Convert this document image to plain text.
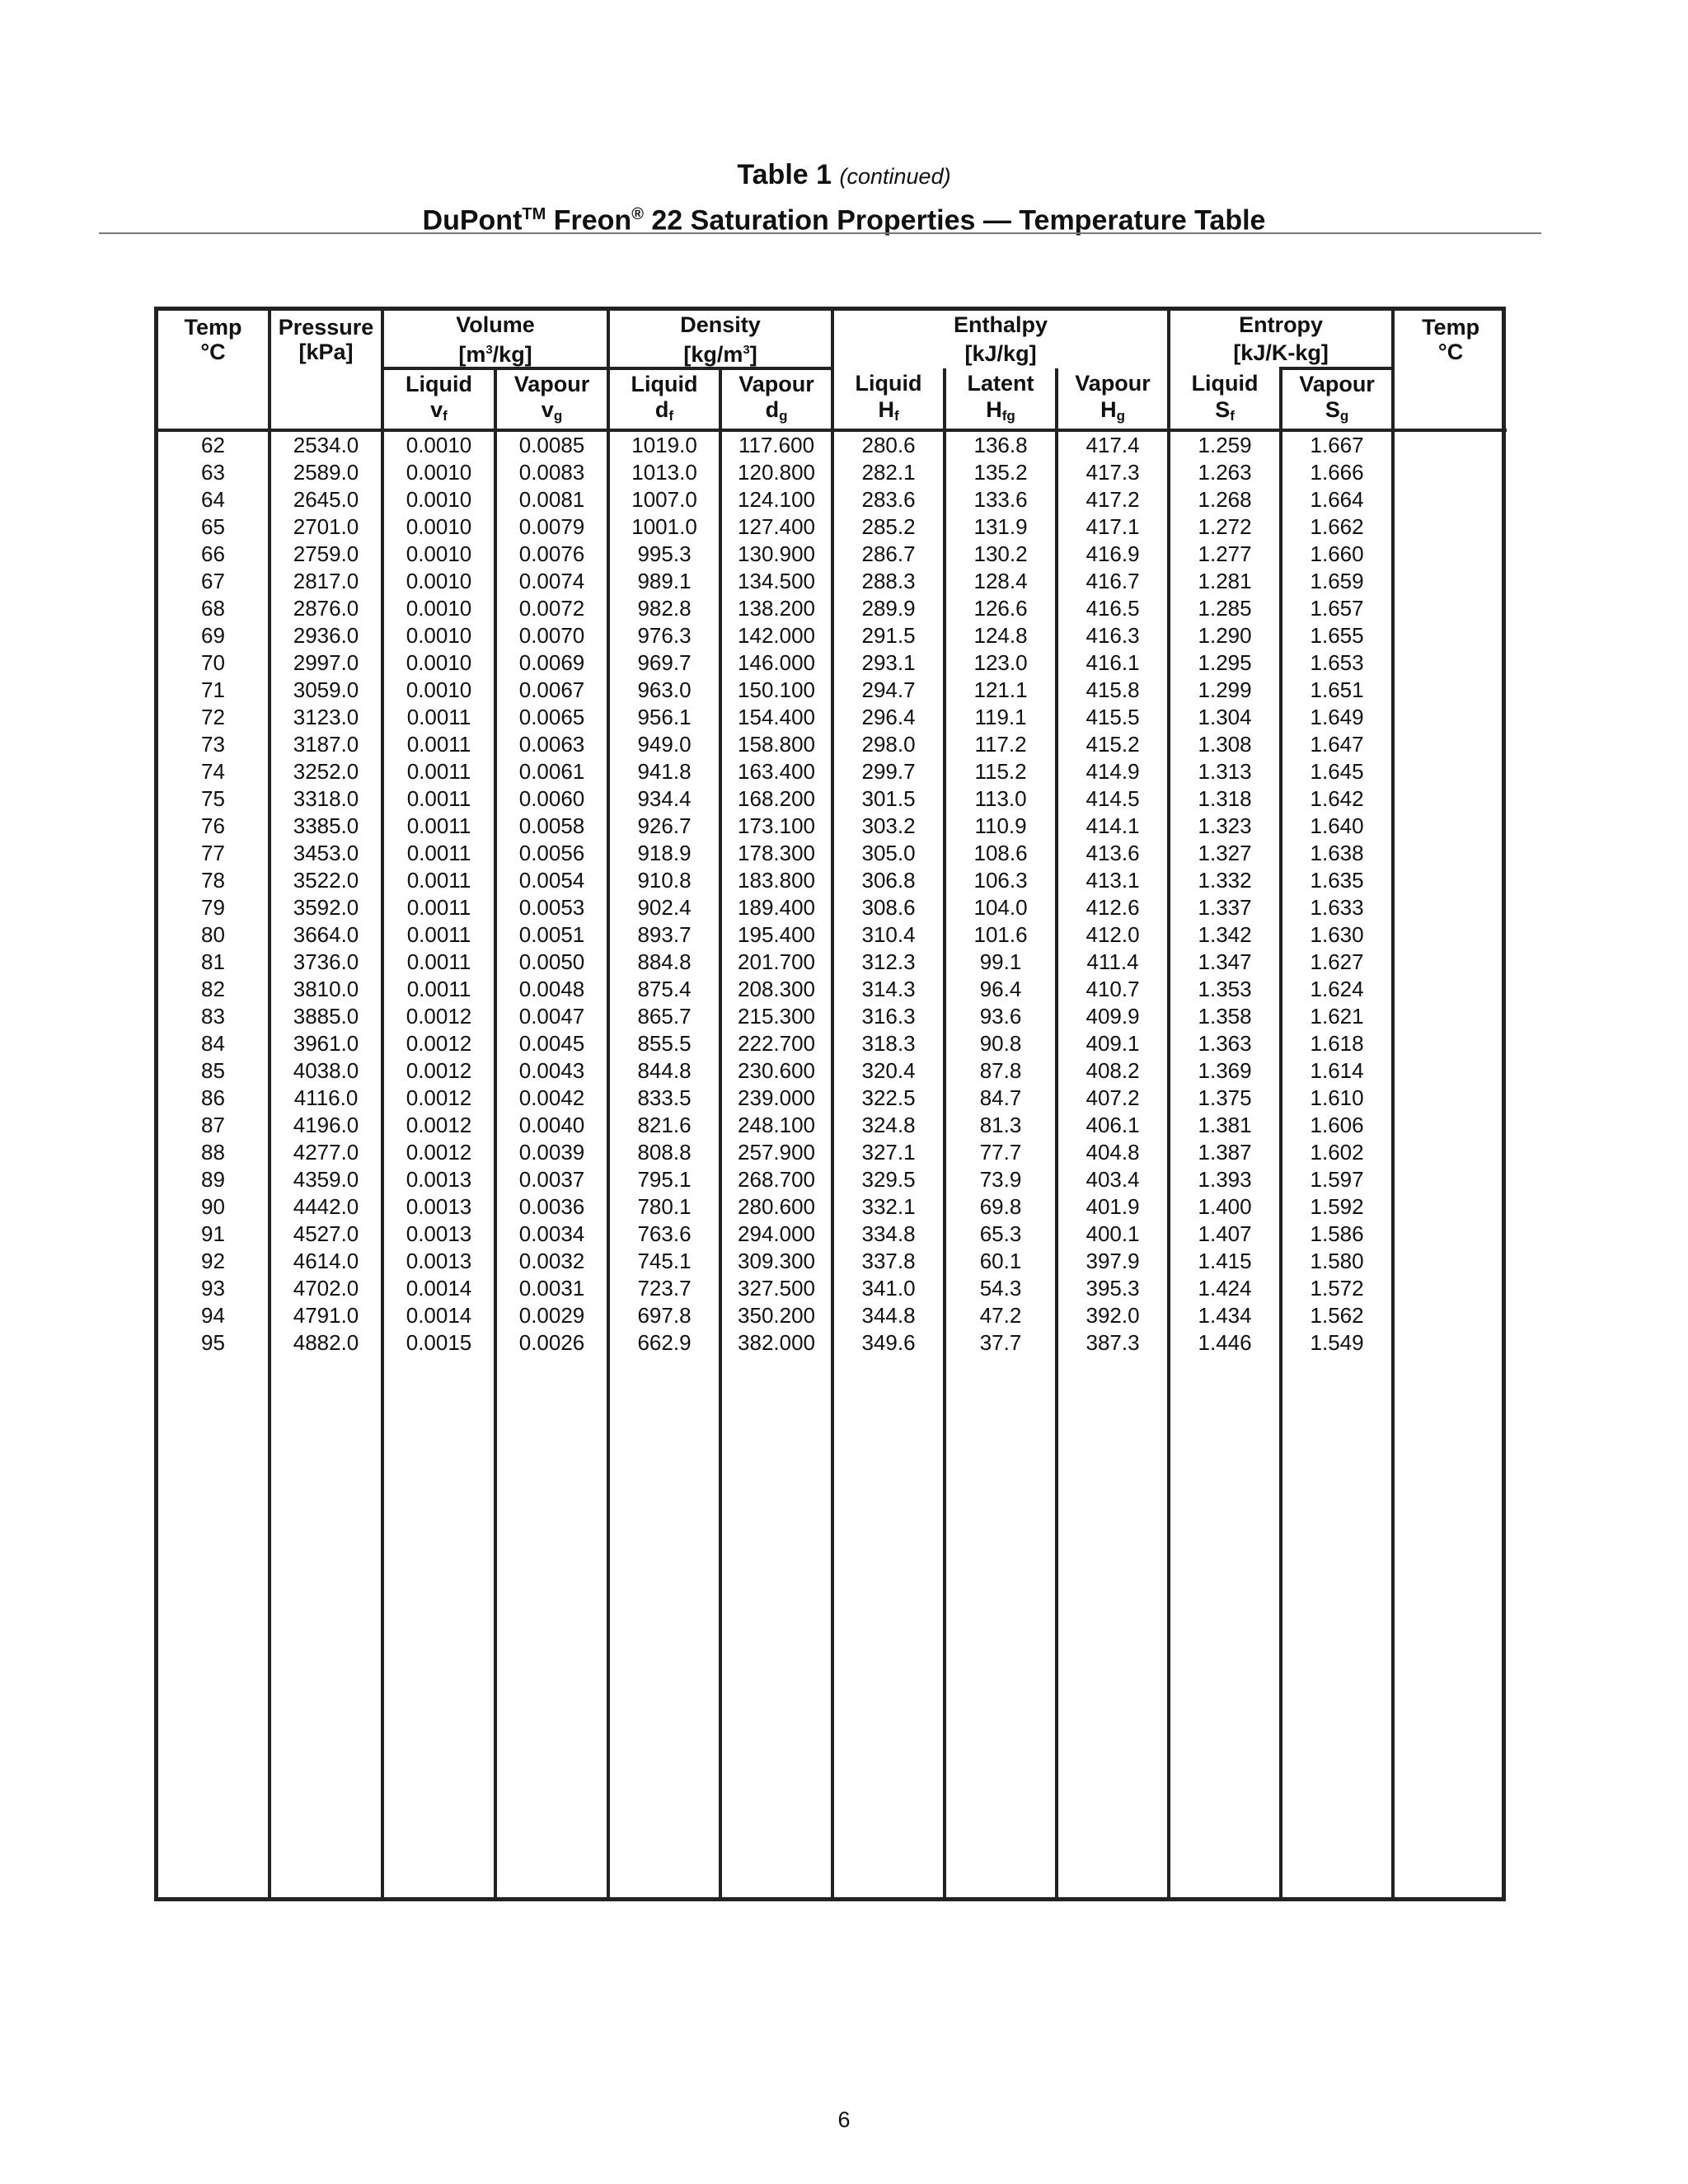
Table 1 (continued)
DuPont™ Freon® 22 Saturation Properties — Temperature Table
Temp
°C	Pressure
[kPa]	Volume		Density		Enthalpy			Entropy		Temp
°C
		$[m^3/kg]$		$[kg/m^3]$		[kJ/kg]			[kJ/K-kg]		
		Liquid	Vapour	Liquid	Vapour	Liquid	Latent	Vapour	Liquid	Vapour	
		$v_f$	$v_g$	$d_f$	$d_g$	$H_f$	$H_{fg}$	$H_g$	$S_f$	$S_g$	
62	2534.0	0.0010	0.0085	1019.0	117.600	280.6	136.8	417.4	1.259	1.667	
63	2589.0	0.0010	0.0083	1013.0	120.800	282.1	135.2	417.3	1.263	1.666	
64	2645.0	0.0010	0.0081	1007.0	124.100	283.6	133.6	417.2	1.268	1.664	
65	2701.0	0.0010	0.0079	1001.0	127.400	285.2	131.9	417.1	1.272	1.662	
66	2759.0	0.0010	0.0076	995.3	130.900	286.7	130.2	416.9	1.277	1.660	
67	2817.0	0.0010	0.0074	989.1	134.500	288.3	128.4	416.7	1.281	1.659	
68	2876.0	0.0010	0.0072	982.8	138.200	289.9	126.6	416.5	1.285	1.657	
69	2936.0	0.0010	0.0070	976.3	142.000	291.5	124.8	416.3	1.290	1.655	
70	2997.0	0.0010	0.0069	969.7	146.000	293.1	123.0	416.1	1.295	1.653	
71	3059.0	0.0010	0.0067	963.0	150.100	294.7	121.1	415.8	1.299	1.651	
72	3123.0	0.0011	0.0065	956.1	154.400	296.4	119.1	415.5	1.304	1.649	
73	3187.0	0.0011	0.0063	949.0	158.800	298.0	117.2	415.2	1.308	1.647	
74	3252.0	0.0011	0.0061	941.8	163.400	299.7	115.2	414.9	1.313	1.645	
75	3318.0	0.0011	0.0060	934.4	168.200	301.5	113.0	414.5	1.318	1.642	
76	3385.0	0.0011	0.0058	926.7	173.100	303.2	110.9	414.1	1.323	1.640	
77	3453.0	0.0011	0.0056	918.9	178.300	305.0	108.6	413.6	1.327	1.638	
78	3522.0	0.0011	0.0054	910.8	183.800	306.8	106.3	413.1	1.332	1.635	
79	3592.0	0.0011	0.0053	902.4	189.400	308.6	104.0	412.6	1.337	1.633	
80	3664.0	0.0011	0.0051	893.7	195.400	310.4	101.6	412.0	1.342	1.630	
81	3736.0	0.0011	0.0050	884.8	201.700	312.3	99.1	411.4	1.347	1.627	
82	3810.0	0.0011	0.0048	875.4	208.300	314.3	96.4	410.7	1.353	1.624	
83	3885.0	0.0012	0.0047	865.7	215.300	316.3	93.6	409.9	1.358	1.621	
84	3961.0	0.0012	0.0045	855.5	222.700	318.3	90.8	409.1	1.363	1.618	
85	4038.0	0.0012	0.0043	844.8	230.600	320.4	87.8	408.2	1.369	1.614	
86	4116.0	0.0012	0.0042	833.5	239.000	322.5	84.7	407.2	1.375	1.610	
87	4196.0	0.0012	0.0040	821.6	248.100	324.8	81.3	406.1	1.381	1.606	
88	4277.0	0.0012	0.0039	808.8	257.900	327.1	77.7	404.8	1.387	1.602	
89	4359.0	0.0013	0.0037	795.1	268.700	329.5	73.9	403.4	1.393	1.597	
90	4442.0	0.0013	0.0036	780.1	280.600	332.1	69.8	401.9	1.400	1.592	
91	4527.0	0.0013	0.0034	763.6	294.000	334.8	65.3	400.1	1.407	1.586	
92	4614.0	0.0013	0.0032	745.1	309.300	337.8	60.1	397.9	1.415	1.580	
93	4702.0	0.0014	0.0031	723.7	327.500	341.0	54.3	395.3	1.424	1.572	
94	4791.0	0.0014	0.0029	697.8	350.200	344.8	47.2	392.0	1.434	1.562	
95	4882.0	0.0015	0.0026	662.9	382.000	349.6	37.7	387.3	1.446	1.549	

6
